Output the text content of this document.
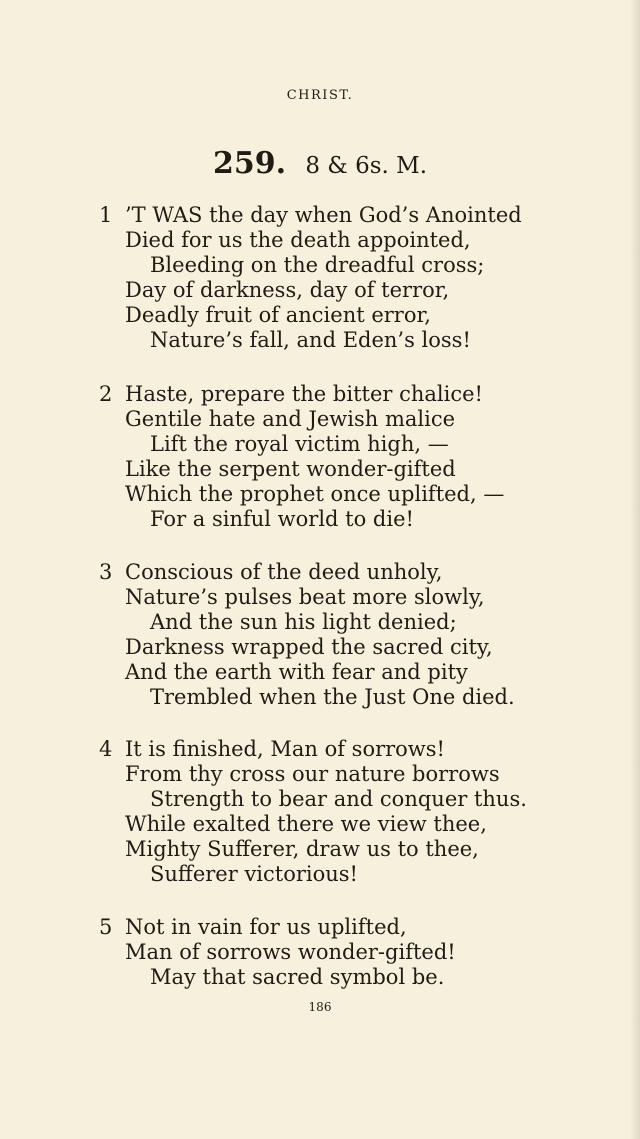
CHRIST.
259. 8 & 6s. M.
1 ’T WAS the day when God’s Anointed
Died for us the death appointed,
Bleeding on the dreadful cross;
Day of darkness, day of terror,
Deadly fruit of ancient error,
Nature’s fall, and Eden’s loss!
2 Haste, prepare the bitter chalice!
Gentile hate and Jewish malice
Lift the royal victim high, —
Like the serpent wonder-gifted
Which the prophet once uplifted, —
For a sinful world to die!
3 Conscious of the deed unholy,
Nature’s pulses beat more slowly,
And the sun his light denied;
Darkness wrapped the sacred city,
And the earth with fear and pity
Trembled when the Just One died.
4 It is finished, Man of sorrows!
From thy cross our nature borrows
Strength to bear and conquer thus.
While exalted there we view thee,
Mighty Sufferer, draw us to thee,
Sufferer victorious!
5 Not in vain for us uplifted,
Man of sorrows wonder-gifted!
May that sacred symbol be.
186
